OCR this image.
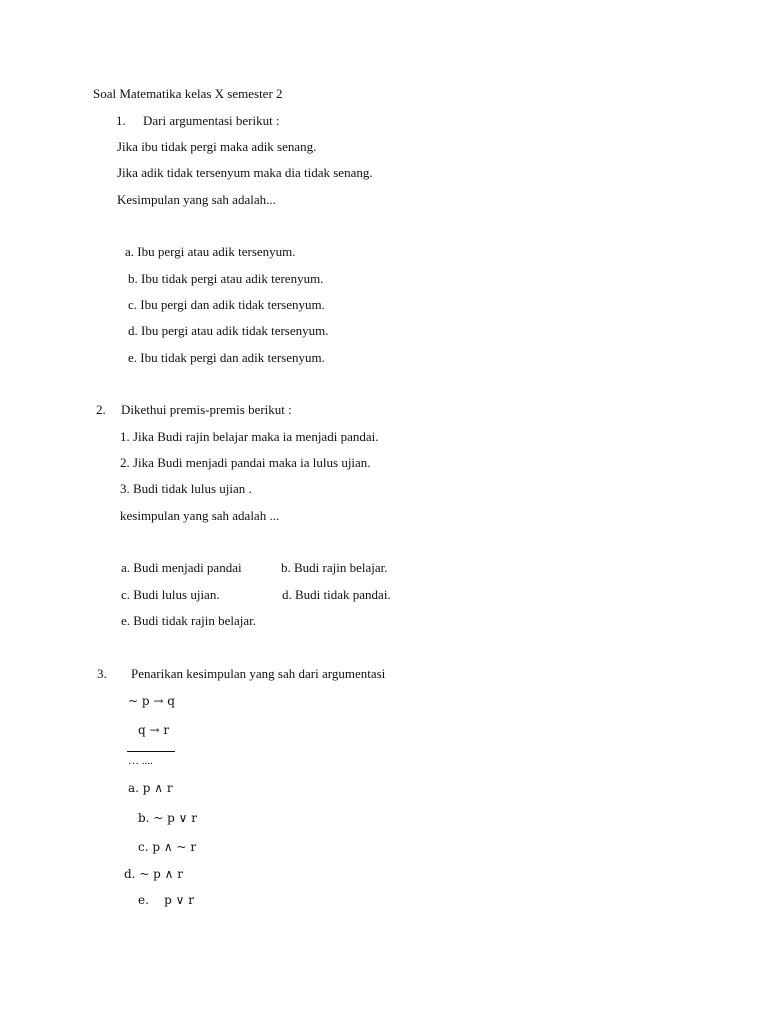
Soal Matematika kelas X semester 2
1. Dari argumentasi berikut :
Jika ibu tidak pergi maka adik senang.
Jika adik tidak tersenyum maka dia tidak senang.
Kesimpulan yang sah adalah...
a. Ibu pergi atau adik tersenyum.
b. Ibu tidak pergi atau adik terenyum.
c. Ibu pergi dan adik tidak tersenyum.
d. Ibu pergi atau adik tidak tersenyum.
e. Ibu tidak pergi dan adik tersenyum.
2. Dikethui premis-premis berikut :
1. Jika Budi rajin belajar maka ia menjadi pandai.
2. Jika Budi menjadi pandai maka ia lulus ujian.
3. Budi tidak lulus ujian .
kesimpulan yang sah adalah ...
a. Budi menjadi pandai	b. Budi rajin belajar.
c. Budi lulus ujian.	d. Budi tidak pandai.
e. Budi tidak rajin belajar.
3. Penarikan kesimpulan yang sah dari argumentasi
~ p → q
q → r
… ....
a. p ∧ r
b. ~ p ∨ r
c. p ∧ ~ r
d. ~ p ∧ r
e.    p ∨ r
